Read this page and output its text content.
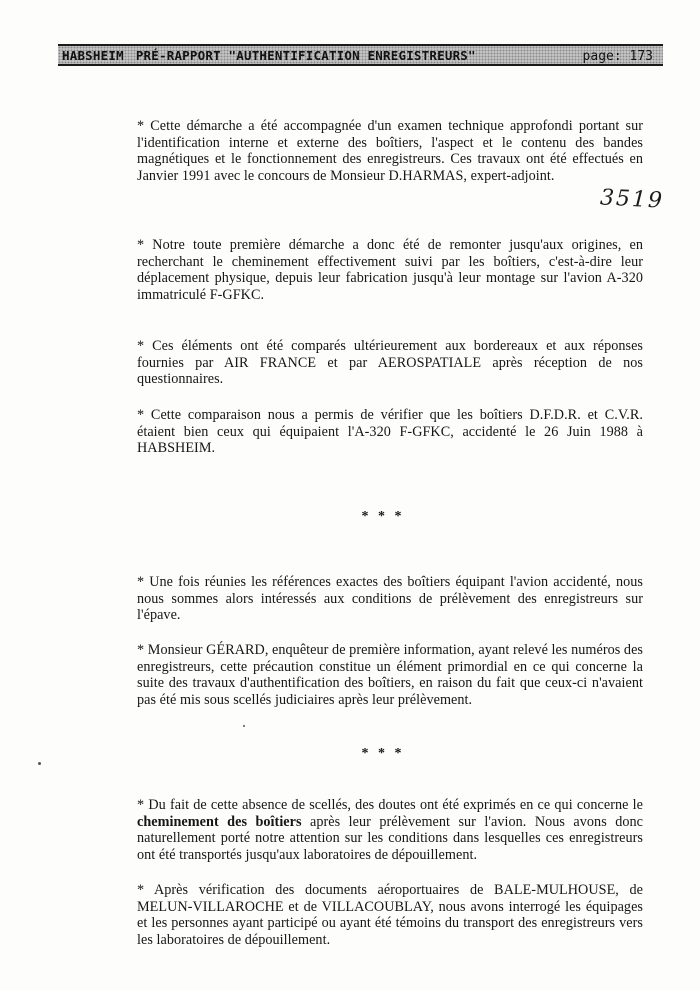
HABSHEIM PRÉ-RAPPORT "AUTHENTIFICATION ENREGISTREURS"	page: 173
* Cette démarche a été accompagnée d'un examen technique approfondi portant sur l'identification interne et externe des boîtiers, l'aspect et le contenu des bandes magnétiques et le fonctionnement des enregistreurs. Ces travaux ont été effectués en Janvier 1991 avec le concours de Monsieur D.HARMAS, expert-adjoint.
3519
* Notre toute première démarche a donc été de remonter jusqu'aux origines, en recherchant le cheminement effectivement suivi par les boîtiers, c'est-à-dire leur déplacement physique, depuis leur fabrication jusqu'à leur montage sur l'avion A-320 immatriculé F-GFKC.
* Ces éléments ont été comparés ultérieurement aux bordereaux et aux réponses fournies par AIR FRANCE et par AEROSPATIALE après réception de nos questionnaires.
* Cette comparaison nous a permis de vérifier que les boîtiers D.F.D.R. et C.V.R. étaient bien ceux qui équipaient l'A-320 F-GFKC, accidenté le 26 Juin 1988 à HABSHEIM.
* * *
* Une fois réunies les références exactes des boîtiers équipant l'avion accidenté, nous nous sommes alors intéressés aux conditions de prélèvement des enregistreurs sur l'épave.
* Monsieur GÉRARD, enquêteur de première information, ayant relevé les numéros des enregistreurs, cette précaution constitue un élément primordial en ce qui concerne la suite des travaux d'authentification des boîtiers, en raison du fait que ceux-ci n'avaient pas été mis sous scellés judiciaires après leur prélèvement.
* * *
* Du fait de cette absence de scellés, des doutes ont été exprimés en ce qui concerne le cheminement des boîtiers après leur prélèvement sur l'avion. Nous avons donc naturellement porté notre attention sur les conditions dans lesquelles ces enregistreurs ont été transportés jusqu'aux laboratoires de dépouillement.
* Après vérification des documents aéroportuaires de BALE-MULHOUSE, de MELUN-VILLAROCHE et de VILLACOUBLAY, nous avons interrogé les équipages et les personnes ayant participé ou ayant été témoins du transport des enregistreurs vers les laboratoires de dépouillement.
